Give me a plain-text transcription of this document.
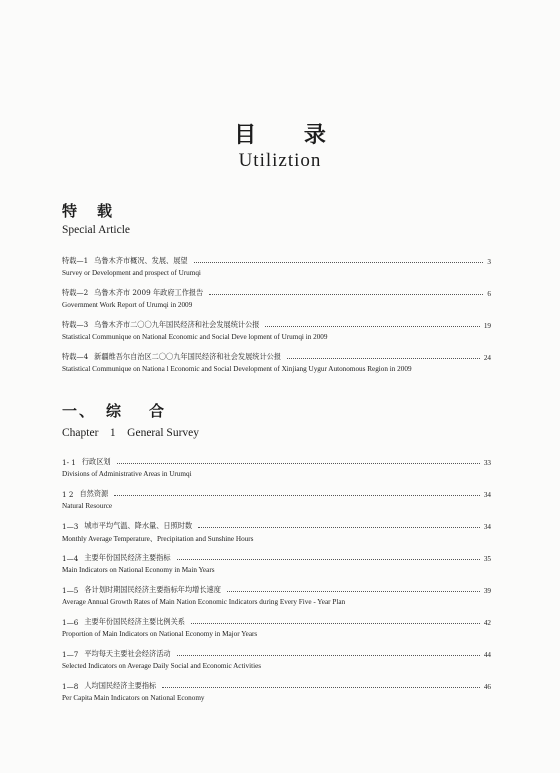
目 录
Utiliztion
特 载
Special Article
特载—1 乌鲁木齐市概况、发展、展望	3
Survey or Development and prospect of Urumqi
特载—2 乌鲁木齐市 2009 年政府工作报告	6
Government Work Report of Urumqi in 2009
特载—3 乌鲁木齐市二〇〇九年国民经济和社会发展统计公报	19
Statistical Communique on National Economic and Social Deve lopment of Urumqi in 2009
特载—4 新疆维吾尔自治区二〇〇九年国民经济和社会发展统计公报	24
Statistical Communique on Nationa l Economic and Social Development of Xinjiang Uygur Autonomous Region in 2009
一、 综 合
Chapter　1　General Survey
1- 1 行政区划	33
Divisions of Administrative Areas in Urumqi
1 2 自然资源	34
Natural Resource
1—3 城市平均气温、降水量、日照时数	34
Monthly Average Temperature、Precipitation and Sunshine Hours
1—4 主要年份国民经济主要指标	35
Main Indicators on National Economy in Main Years
1—5 各计划时期国民经济主要指标年均增长速度	39
Average Annual Growth Rates of Main Nation Economic Indicators during Every Five - Year Plan
1—6 主要年份国民经济主要比例关系	42
Proportion of Main Indicators on National Economy in Major Years
1—7 平均每天主要社会经济活动	44
Selected Indicators on Average Daily Social and Economic Activities
1—8 人均国民经济主要指标	46
Per Capita Main Indicators on National Economy
